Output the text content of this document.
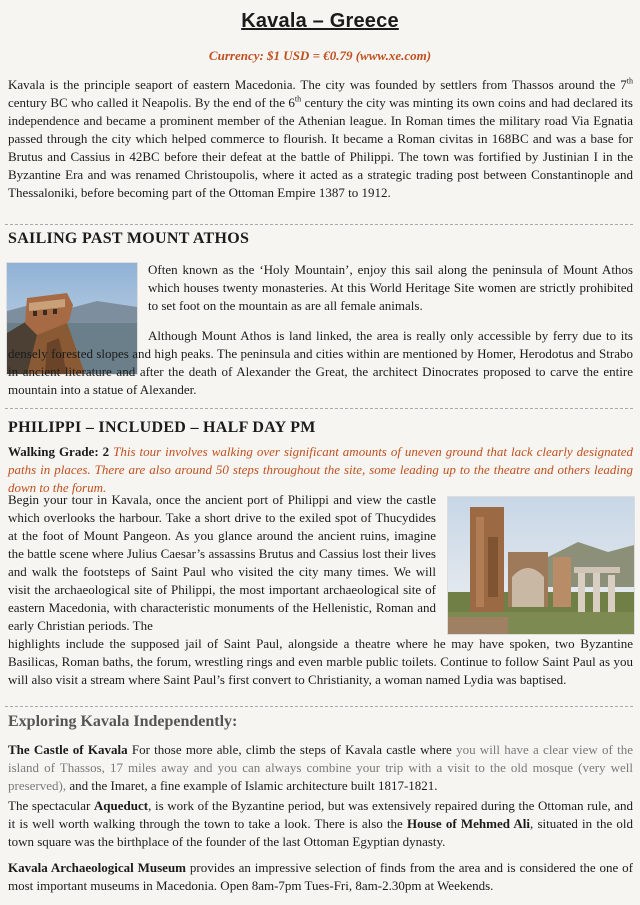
Kavala – Greece
Currency: $1 USD = €0.79 (www.xe.com)

Kavala is the principle seaport of eastern Macedonia. The city was founded by settlers from Thassos around the 7th century BC who called it Neapolis. By the end of the 6th century the city was minting its own coins and had declared its independence and became a prominent member of the Athenian league. In Roman times the military road Via Egnatia passed through the city which helped commerce to flourish. It became a Roman civitas in 168BC and was a base for Brutus and Cassius in 42BC before their defeat at the battle of Philippi. The town was fortified by Justinian I in the Byzantine Era and was renamed Christoupolis, where it acted as a strategic trading post between Constantinople and Thessaloniki, before becoming part of the Ottoman Empire 1387 to 1912.

SAILING PAST MOUNT ATHOS

Often known as the ‘Holy Mountain’, enjoy this sail along the peninsula of Mount Athos which houses twenty monasteries. At this World Heritage Site women are strictly prohibited to set foot on the mountain as are all female animals.

Although Mount Athos is land linked, the area is really only accessible by ferry due to its densely forested slopes and high peaks. The peninsula and cities within are mentioned by Homer, Herodotus and Strabo in ancient literature and after the death of Alexander the Great, the architect Dinocrates proposed to carve the entire mountain into a statue of Alexander.

PHILIPPI – INCLUDED – HALF DAY PM

Walking Grade: 2 This tour involves walking over significant amounts of uneven ground that lack clearly designated paths in places. There are also around 50 steps throughout the site, some leading up to the theatre and others leading down to the forum.

Begin your tour in Kavala, once the ancient port of Philippi and view the castle which overlooks the harbour. Take a short drive to the exiled spot of Thucydides at the foot of Mount Pangeon. As you glance around the ancient ruins, imagine the battle scene where Julius Caesar’s assassins Brutus and Cassius lost their lives and walk the footsteps of Saint Paul who visited the city many times. We will visit the archaeological site of Philippi, the most important archaeological site of eastern Macedonia, with characteristic monuments of the Hellenistic, Roman and early Christian periods. The

highlights include the supposed jail of Saint Paul, alongside a theatre where he may have spoken, two Byzantine Basilicas, Roman baths, the forum, wrestling rings and even marble public toilets. Continue to follow Saint Paul as you will also visit a stream where Saint Paul’s first convert to Christianity, a woman named Lydia was baptised.

Exploring Kavala Independently:

The Castle of Kavala For those more able, climb the steps of Kavala castle where you will have a clear view of the island of Thassos, 17 miles away and you can always combine your trip with a visit to the old mosque (very well preserved), and the Imaret, a fine example of Islamic architecture built 1817-1821.

The spectacular Aqueduct, is work of the Byzantine period, but was extensively repaired during the Ottoman rule, and it is well worth walking through the town to take a look. There is also the House of Mehmed Ali, situated in the old town square was the birthplace of the founder of the last Ottoman Egyptian dynasty.

Kavala Archaeological Museum provides an impressive selection of finds from the area and is considered the one of most important museums in Macedonia. Open 8am-7pm Tues-Fri, 8am-2.30pm at Weekends.
